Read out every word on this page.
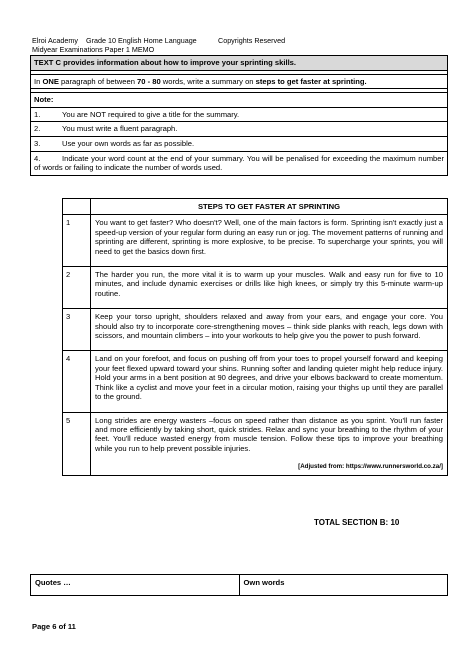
Elroi Academy Grade 10 English Home Language	Copyrights Reserved
Midyear Examinations Paper 1 MEMO
TEXT C provides information about how to improve your sprinting skills.

In ONE paragraph of between 70 - 80 words, write a summary on steps to get faster at sprinting.

Note:
1.	You are NOT required to give a title for the summary.
2.	You must write a fluent paragraph.
3.	Use your own words as far as possible.
4.	Indicate your word count at the end of your summary. You will be penalised for exceeding the maximum number of words or failing to indicate the number of words used.
	STEPS TO GET FASTER AT SPRINTING
1	You want to get faster? Who doesn't? Well, one of the main factors is form. Sprinting isn't exactly just a speed-up version of your regular form during an easy run or jog. The movement patterns of running and sprinting are different, sprinting is more explosive, to be precise. To supercharge your sprints, you will need to get the basics down first.
2	The harder you run, the more vital it is to warm up your muscles. Walk and easy run for five to 10 minutes, and include dynamic exercises or drills like high knees, or simply try this 5-minute warm-up routine.
3	Keep your torso upright, shoulders relaxed and away from your ears, and engage your core. You should also try to incorporate core-strengthening moves – think side planks with reach, legs down with scissors, and mountain climbers – into your workouts to help give you the power to push forward.
4	Land on your forefoot, and focus on pushing off from your toes to propel yourself forward and keeping your feet flexed upward toward your shins. Running softer and landing quieter might help reduce injury. Hold your arms in a bent position at 90 degrees, and drive your elbows backward to create momentum. Think like a cyclist and move your feet in a circular motion, raising your thighs up until they are parallel to the ground.
5	Long strides are energy wasters –focus on speed rather than distance as you sprint. You'll run faster and more efficiently by taking short, quick strides. Relax and sync your breathing to the rhythm of your feet. You'll reduce wasted energy from muscle tension. Follow these tips to improve your breathing while you run to help prevent possible injuries.
[Adjusted from: https://www.runnersworld.co.za/]
TOTAL SECTION B: 10
Quotes …	Own words
Page 6 of 11
